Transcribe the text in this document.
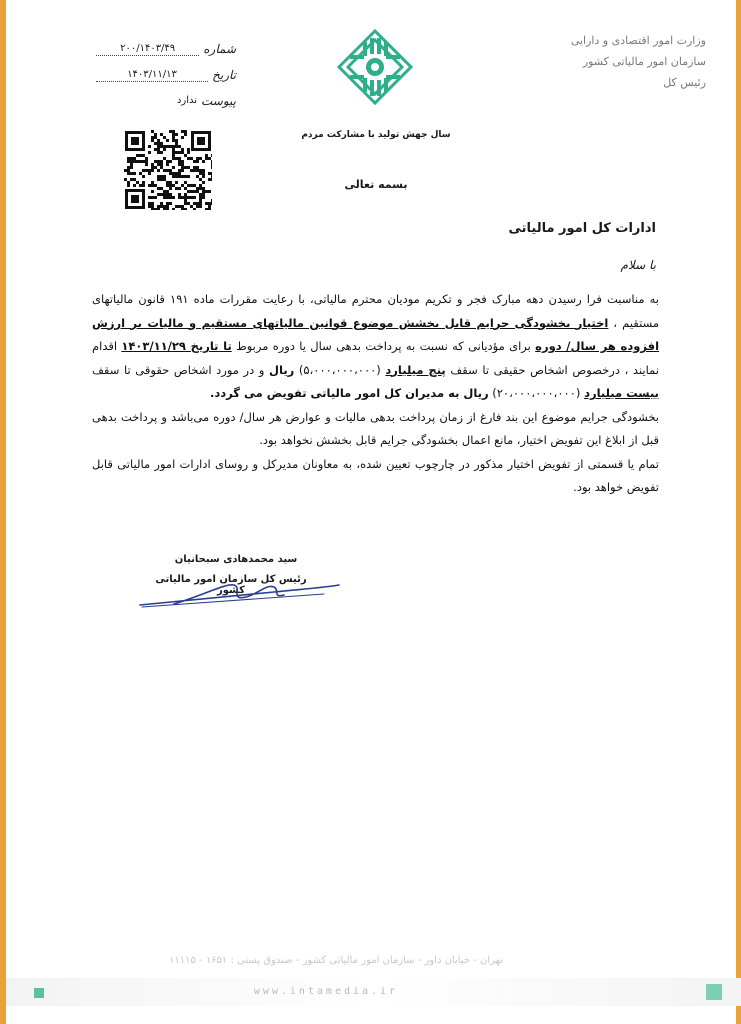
وزارت امور اقتصادی و دارایی
سازمان امور مالیاتی کشور
رئیس کل
شماره
۲۰۰/۱۴۰۳/۴۹
تاریخ
۱۴۰۳/۱۱/۱۳
پیوست
ندارد
سال جهش تولید با مشارکت مردم
بسمه تعالی
ادارات کل امور مالیاتی
با سلام

به مناسبت فرا رسیدن دهه مبارک فجر و تکریم مودیان محترم مالیاتی، با رعایت مقررات ماده ۱۹۱ قانون مالیاتهای مستقیم ، اختیار بخشودگی جرایم قابل بخشش موضوع قوانین مالیاتهای مستقیم و مالیات بر ارزش افزوده هر سال/ دوره برای مؤدیانی که نسبت به پرداخت بدهی سال یا دوره مربوط تا تاریخ ۱۴۰۳/۱۱/۲۹ اقدام نمایند ، درخصوص اشخاص حقیقی تا سقف پنج میلیارد (۵،۰۰۰،۰۰۰،۰۰۰) ریال و در مورد اشخاص حقوقی تا سقف بیست میلیارد (۲۰،۰۰۰،۰۰۰،۰۰۰) ریال به مدیران کل امور مالیاتی تفویض می گردد.

بخشودگی جرایم موضوع این بند فارغ از زمان پرداخت بدهی مالیات و عوارض هر سال/ دوره می‌باشد و پرداخت بدهی قبل از ابلاغ این تفویض اختیار، مانع اعمال بخشودگی جرایم قابل بخشش نخواهد بود.

تمام یا قسمتی از تفویض اختیار مذکور در چارچوب تعیین شده، به معاونان مدیرکل و روسای ادارات امور مالیاتی قابل تفویض خواهد بود.

سید محمدهادی سبحانیان
رئیس کل سازمان امور مالیاتی کشور
تهران - خیابان داور - سازمان امور مالیاتی کشور - صندوق پستی : ۱۶۵۱ - ۱۱۱۱۵
www.intamedia.ir
